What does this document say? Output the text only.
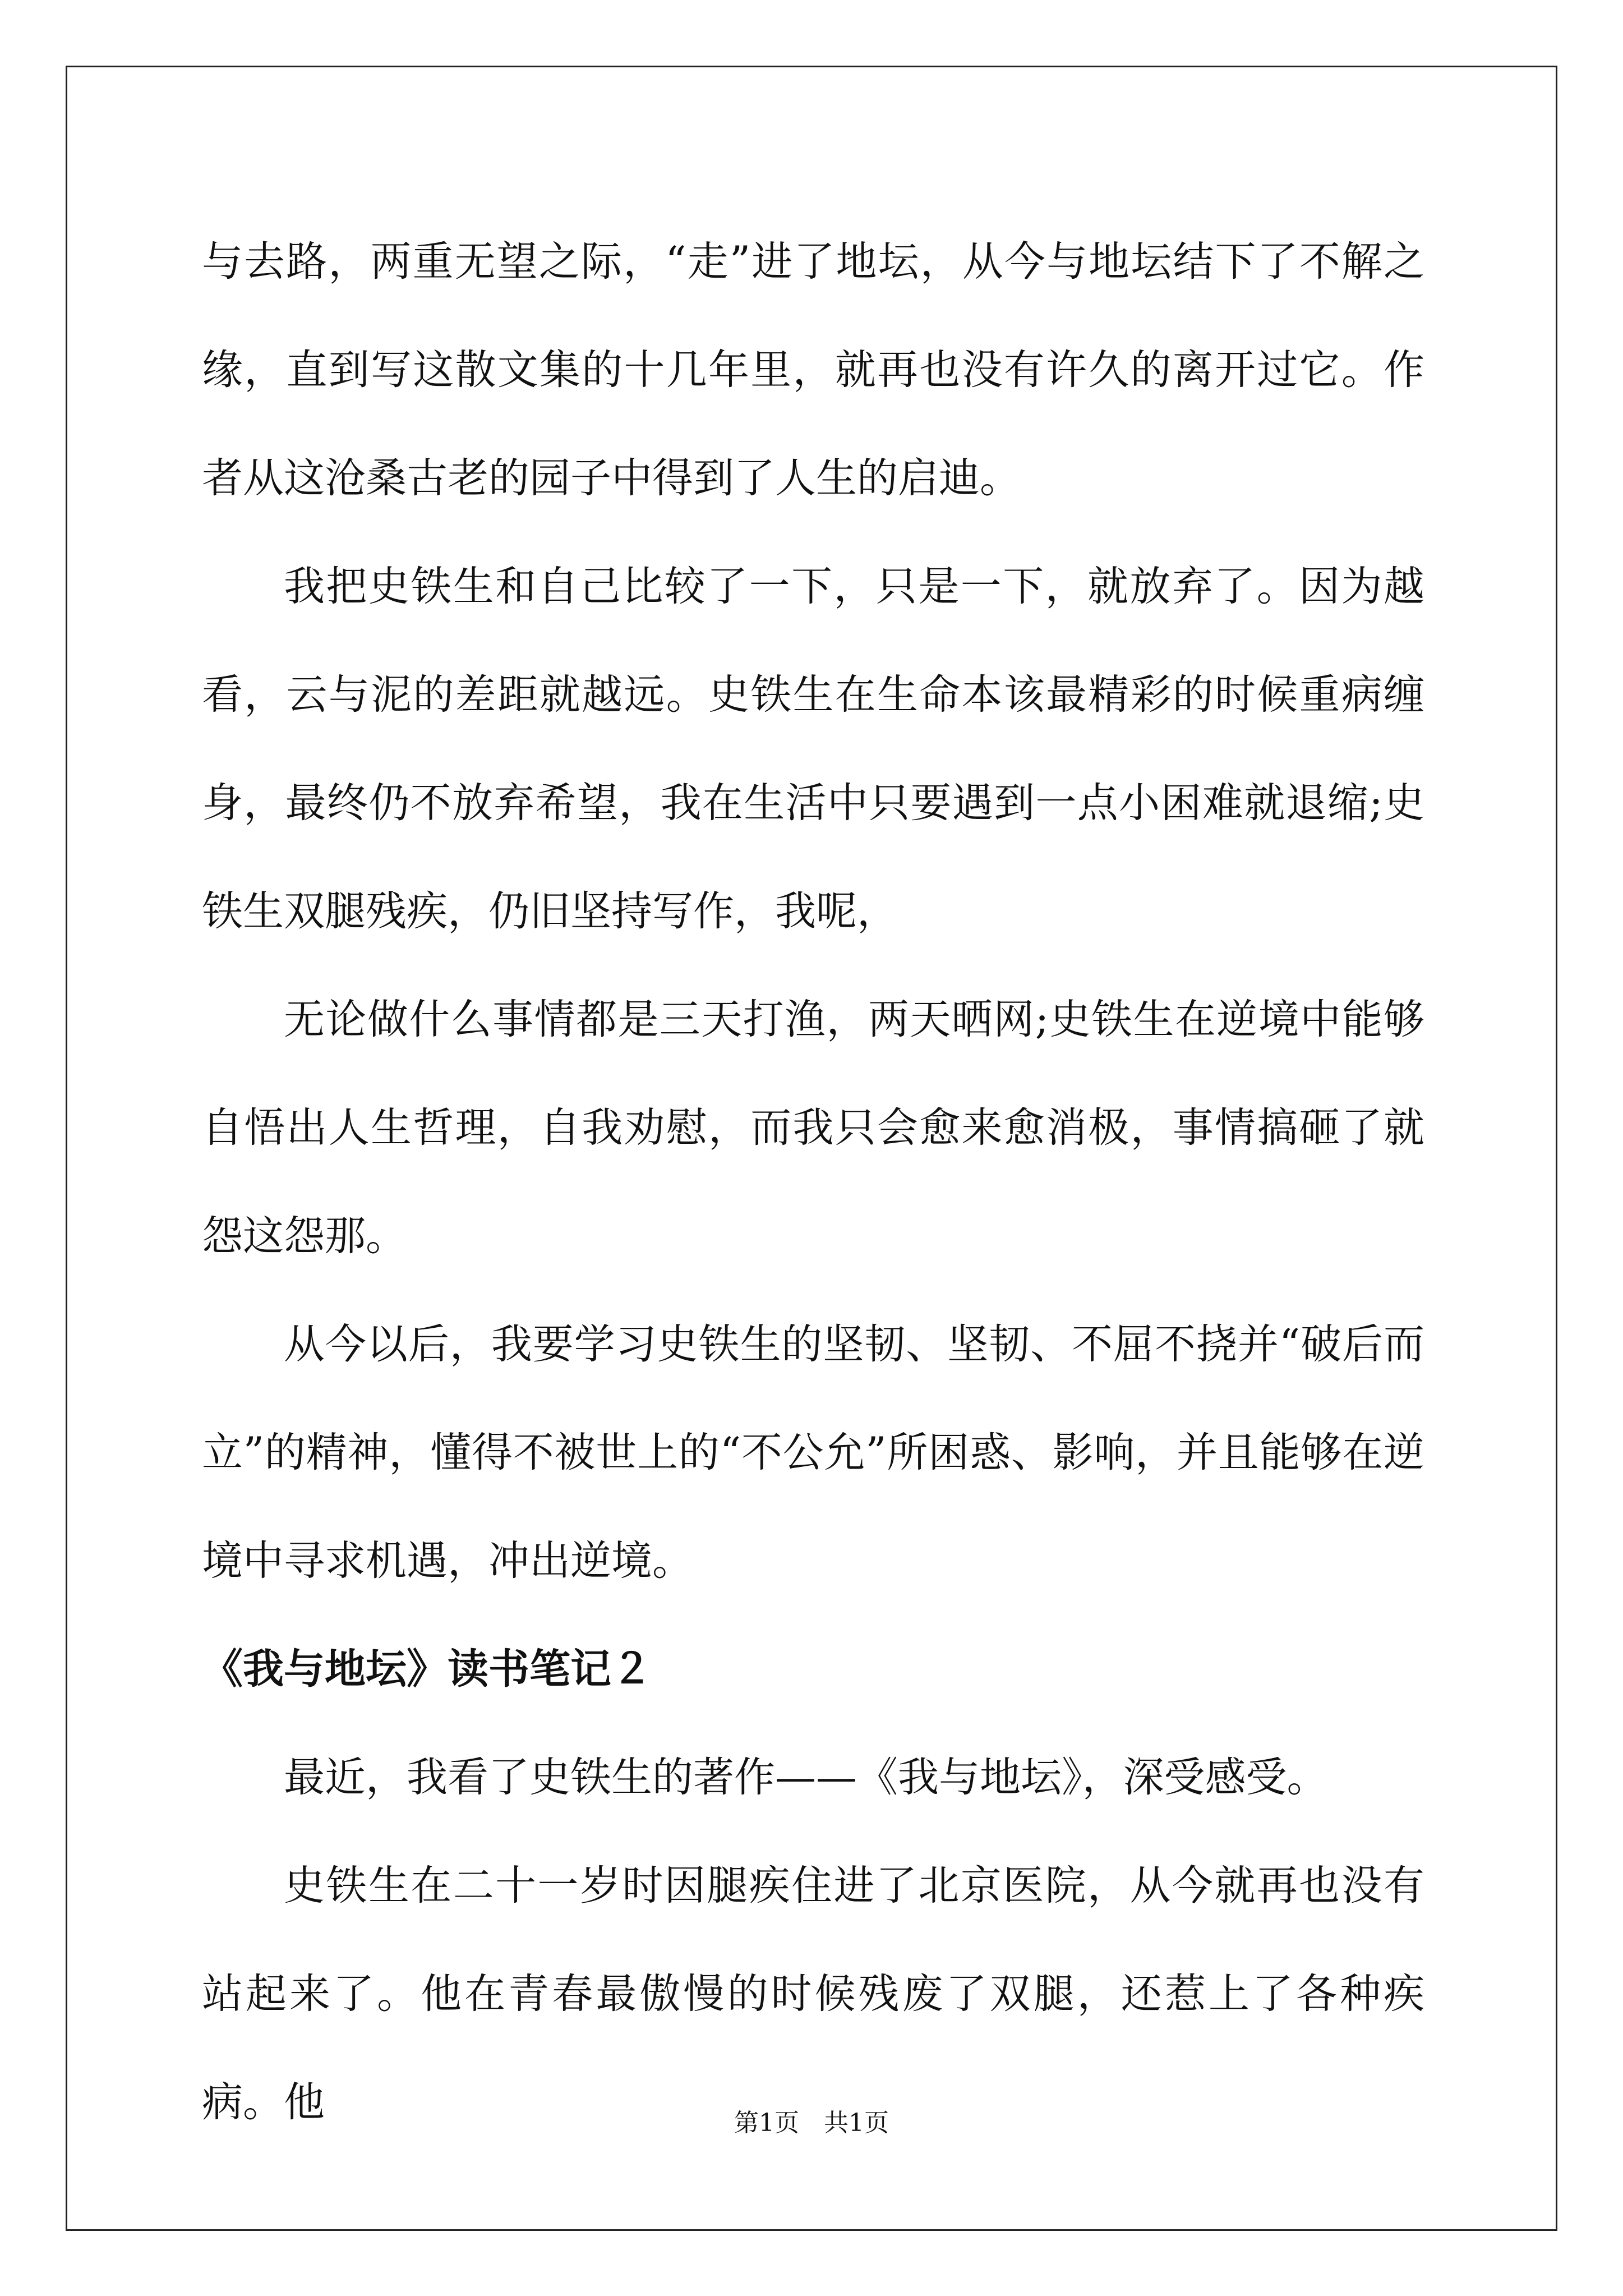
与去路，两重无望之际，“走”进了地坛，从今与地坛结下了不解之缘，直到写这散文集的十几年里，就再也没有许久的离开过它。作者从这沧桑古老的园子中得到了人生的启迪。

我把史铁生和自己比较了一下，只是一下，就放弃了。因为越看，云与泥的差距就越远。史铁生在生命本该最精彩的时候重病缠身，最终仍不放弃希望，我在生活中只要遇到一点小困难就退缩;史铁生双腿残疾，仍旧坚持写作，我呢，

无论做什么事情都是三天打渔，两天晒网;史铁生在逆境中能够自悟出人生哲理，自我劝慰，而我只会愈来愈消极，事情搞砸了就怨这怨那。

从今以后，我要学习史铁生的坚韧、坚韧、不屈不挠并“破后而立”的精神，懂得不被世上的“不公允”所困惑、影响，并且能够在逆境中寻求机遇，冲出逆境。

《我与地坛》读书笔记２

最近，我看了史铁生的著作——《我与地坛》，深受感受。

史铁生在二十一岁时因腿疾住进了北京医院，从今就再也没有站起来了。他在青春最傲慢的时候残废了双腿，还惹上了各种疾病。他	第1页　共1页
